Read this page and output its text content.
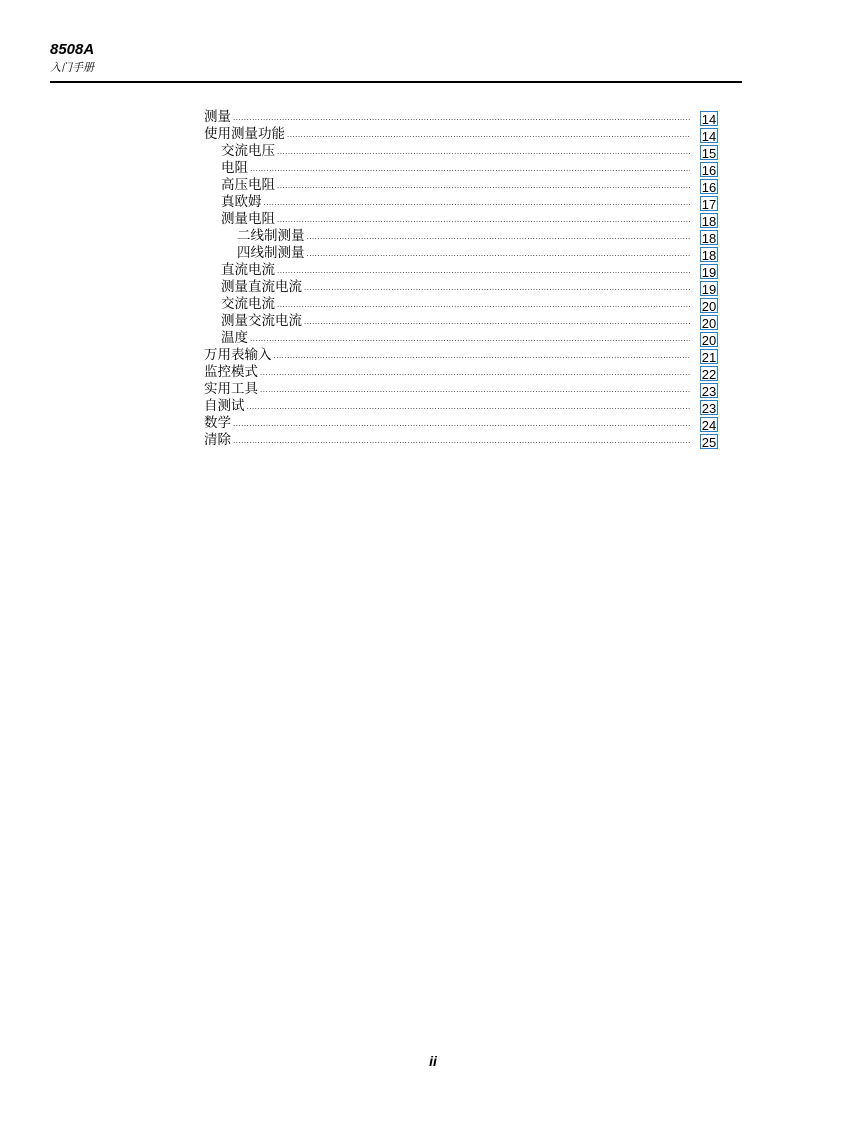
8508A
入门手册
测量 .....	14
使用测量功能 .....	14
交流电压 .....	15
电阻 .....	16
高压电阻 .....	16
真欧姆 .....	17
测量电阻 .....	18
二线制测量 .....	18
四线制测量 .....	18
直流电流 .....	19
测量直流电流 .....	19
交流电流 .....	20
测量交流电流 .....	20
温度 .....	20
万用表输入 .....	21
监控模式 .....	22
实用工具 .....	23
自测试 .....	23
数学 .....	24
清除 .....	25
ii
